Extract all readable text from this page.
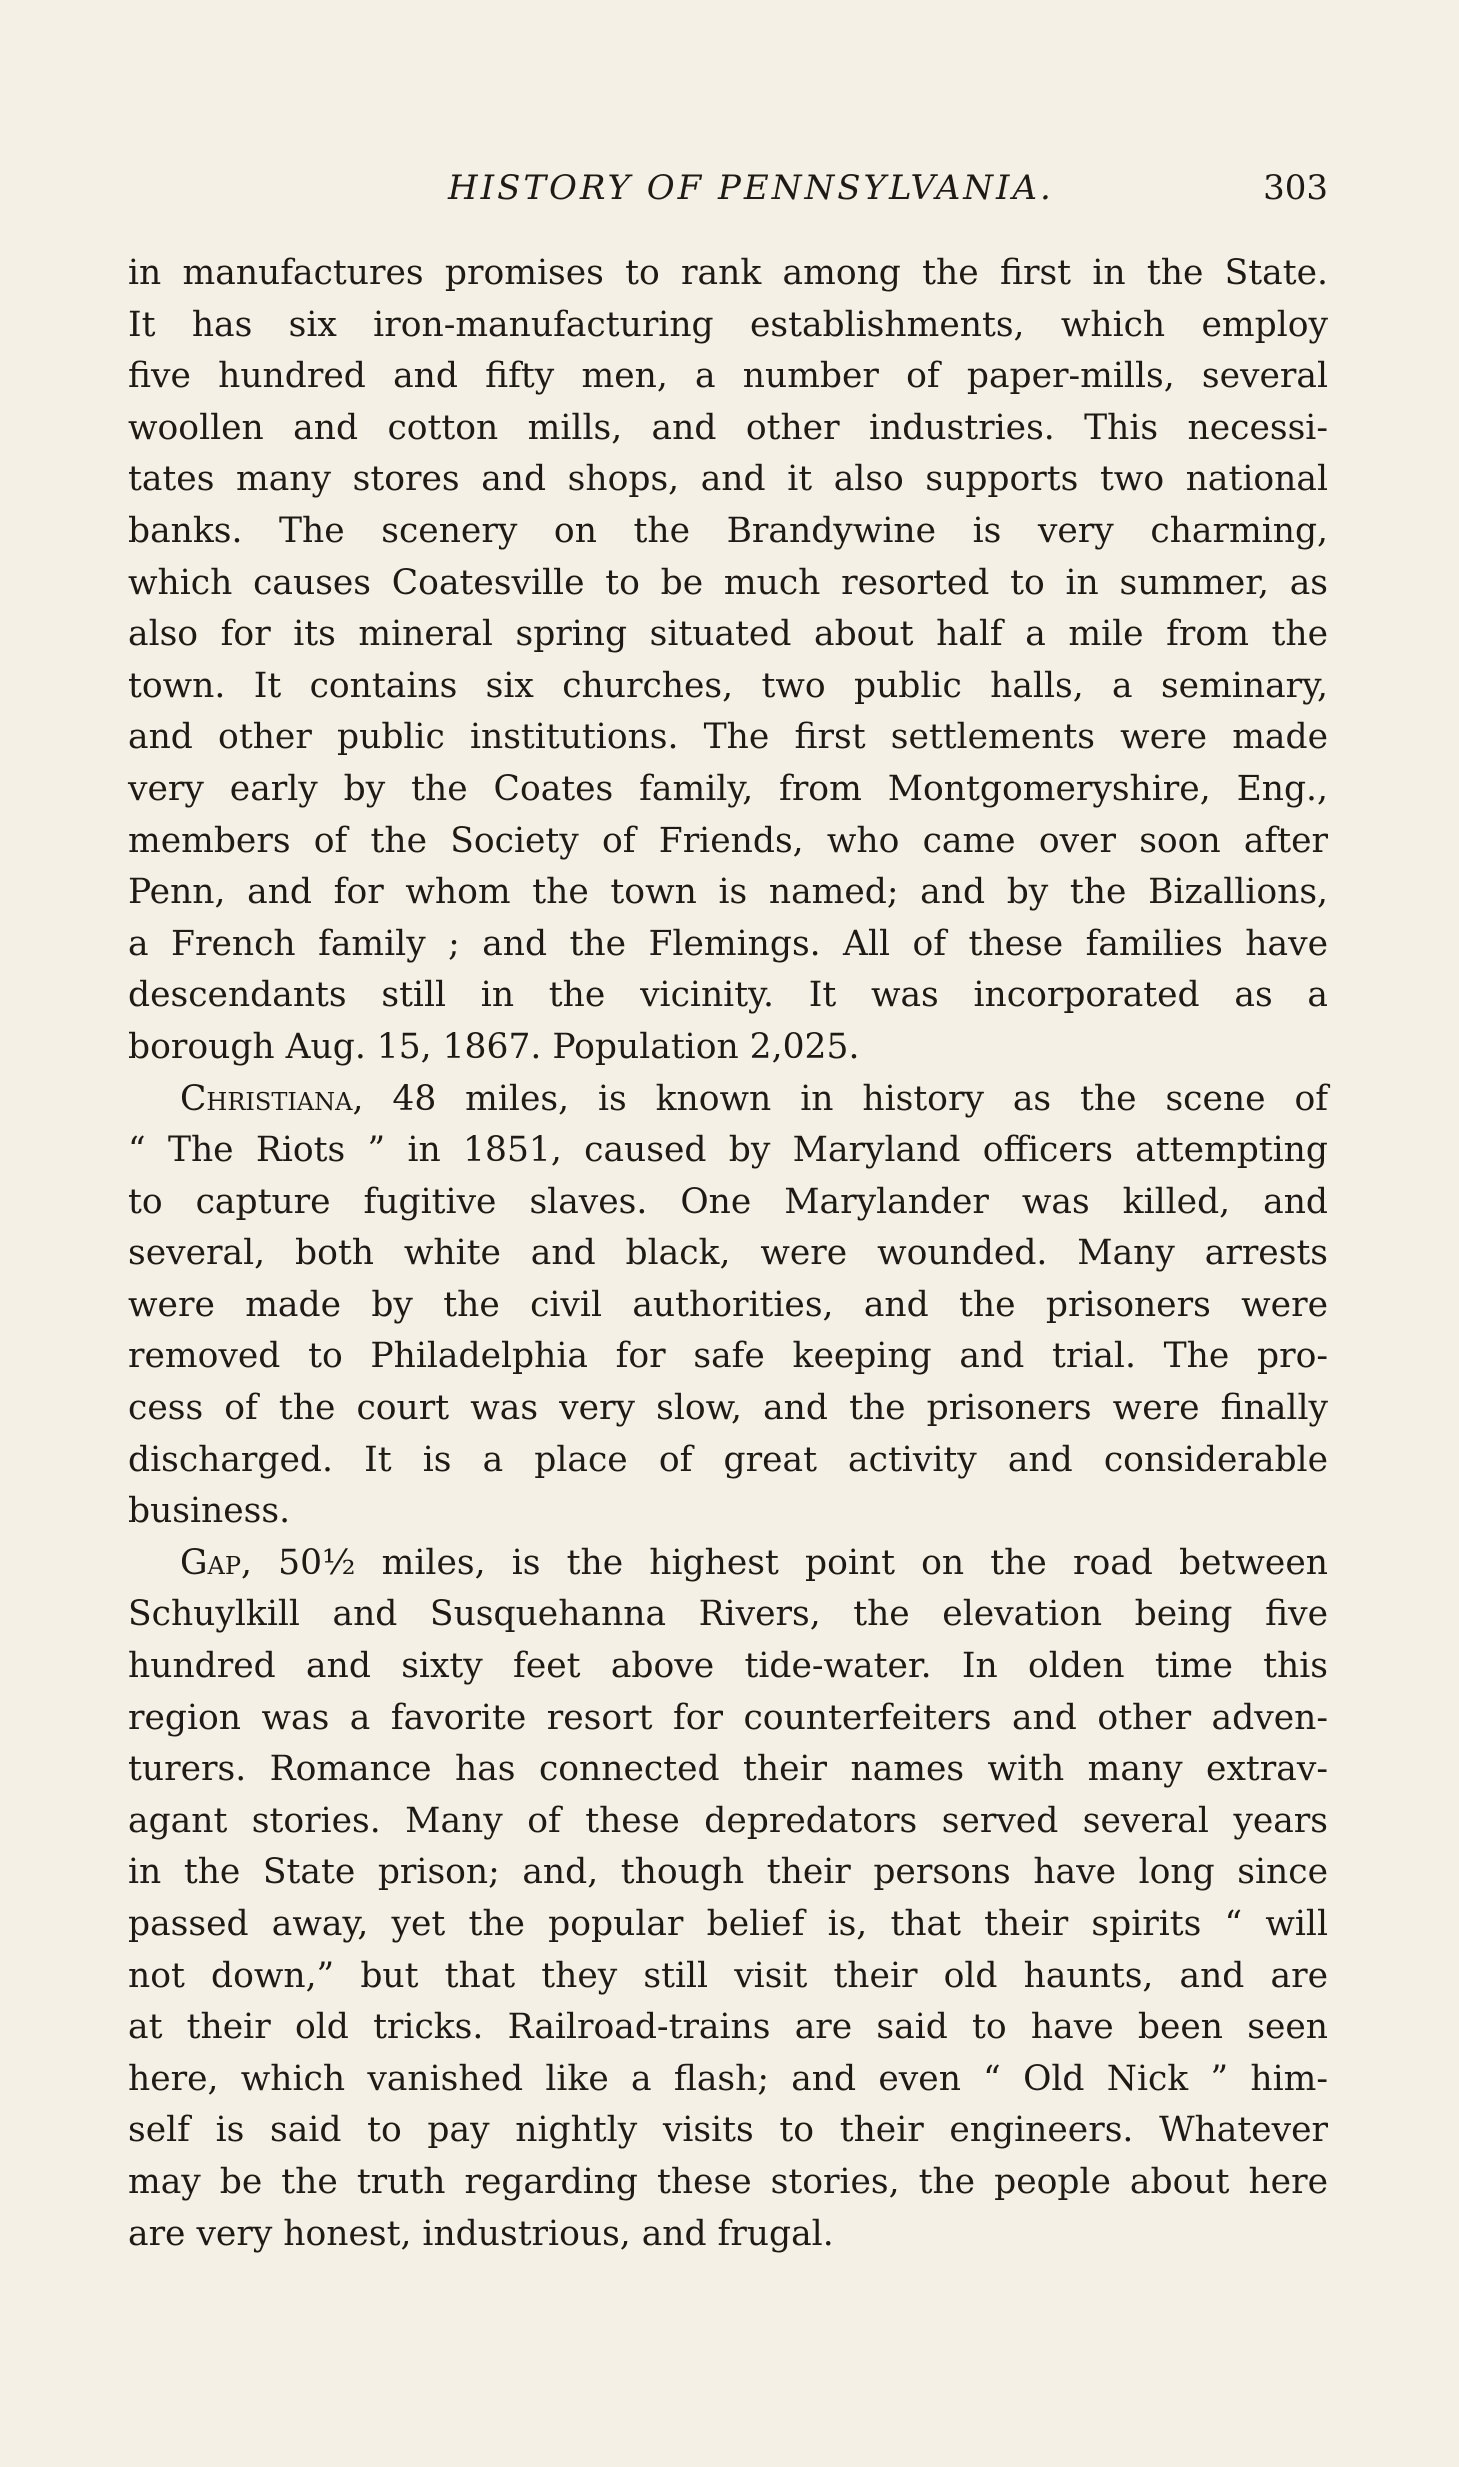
HISTORY OF PENNSYLVANIA.	303
in manufactures promises to rank among the first in the State.
It has six iron-manufacturing establishments, which employ
five hundred and fifty men, a number of paper-mills, several
woollen and cotton mills, and other industries. This necessi-
tates many stores and shops, and it also supports two national
banks. The scenery on the Brandywine is very charming,
which causes Coatesville to be much resorted to in summer, as
also for its mineral spring situated about half a mile from the
town. It contains six churches, two public halls, a seminary,
and other public institutions. The first settlements were made
very early by the Coates family, from Montgomeryshire, Eng.,
members of the Society of Friends, who came over soon after
Penn, and for whom the town is named; and by the Bizallions,
a French family ; and the Flemings. All of these families have
descendants still in the vicinity. It was incorporated as a
borough Aug. 15, 1867. Population 2,025.
Christiana, 48 miles, is known in history as the scene of
“ The Riots ” in 1851, caused by Maryland officers attempting
to capture fugitive slaves. One Marylander was killed, and
several, both white and black, were wounded. Many arrests
were made by the civil authorities, and the prisoners were
removed to Philadelphia for safe keeping and trial. The pro-
cess of the court was very slow, and the prisoners were finally
discharged. It is a place of great activity and considerable
business.
Gap, 50½ miles, is the highest point on the road between
Schuylkill and Susquehanna Rivers, the elevation being five
hundred and sixty feet above tide-water. In olden time this
region was a favorite resort for counterfeiters and other adven-
turers. Romance has connected their names with many extrav-
agant stories. Many of these depredators served several years
in the State prison; and, though their persons have long since
passed away, yet the popular belief is, that their spirits “ will
not down,” but that they still visit their old haunts, and are
at their old tricks. Railroad-trains are said to have been seen
here, which vanished like a flash; and even “ Old Nick ” him-
self is said to pay nightly visits to their engineers. Whatever
may be the truth regarding these stories, the people about here
are very honest, industrious, and frugal.
